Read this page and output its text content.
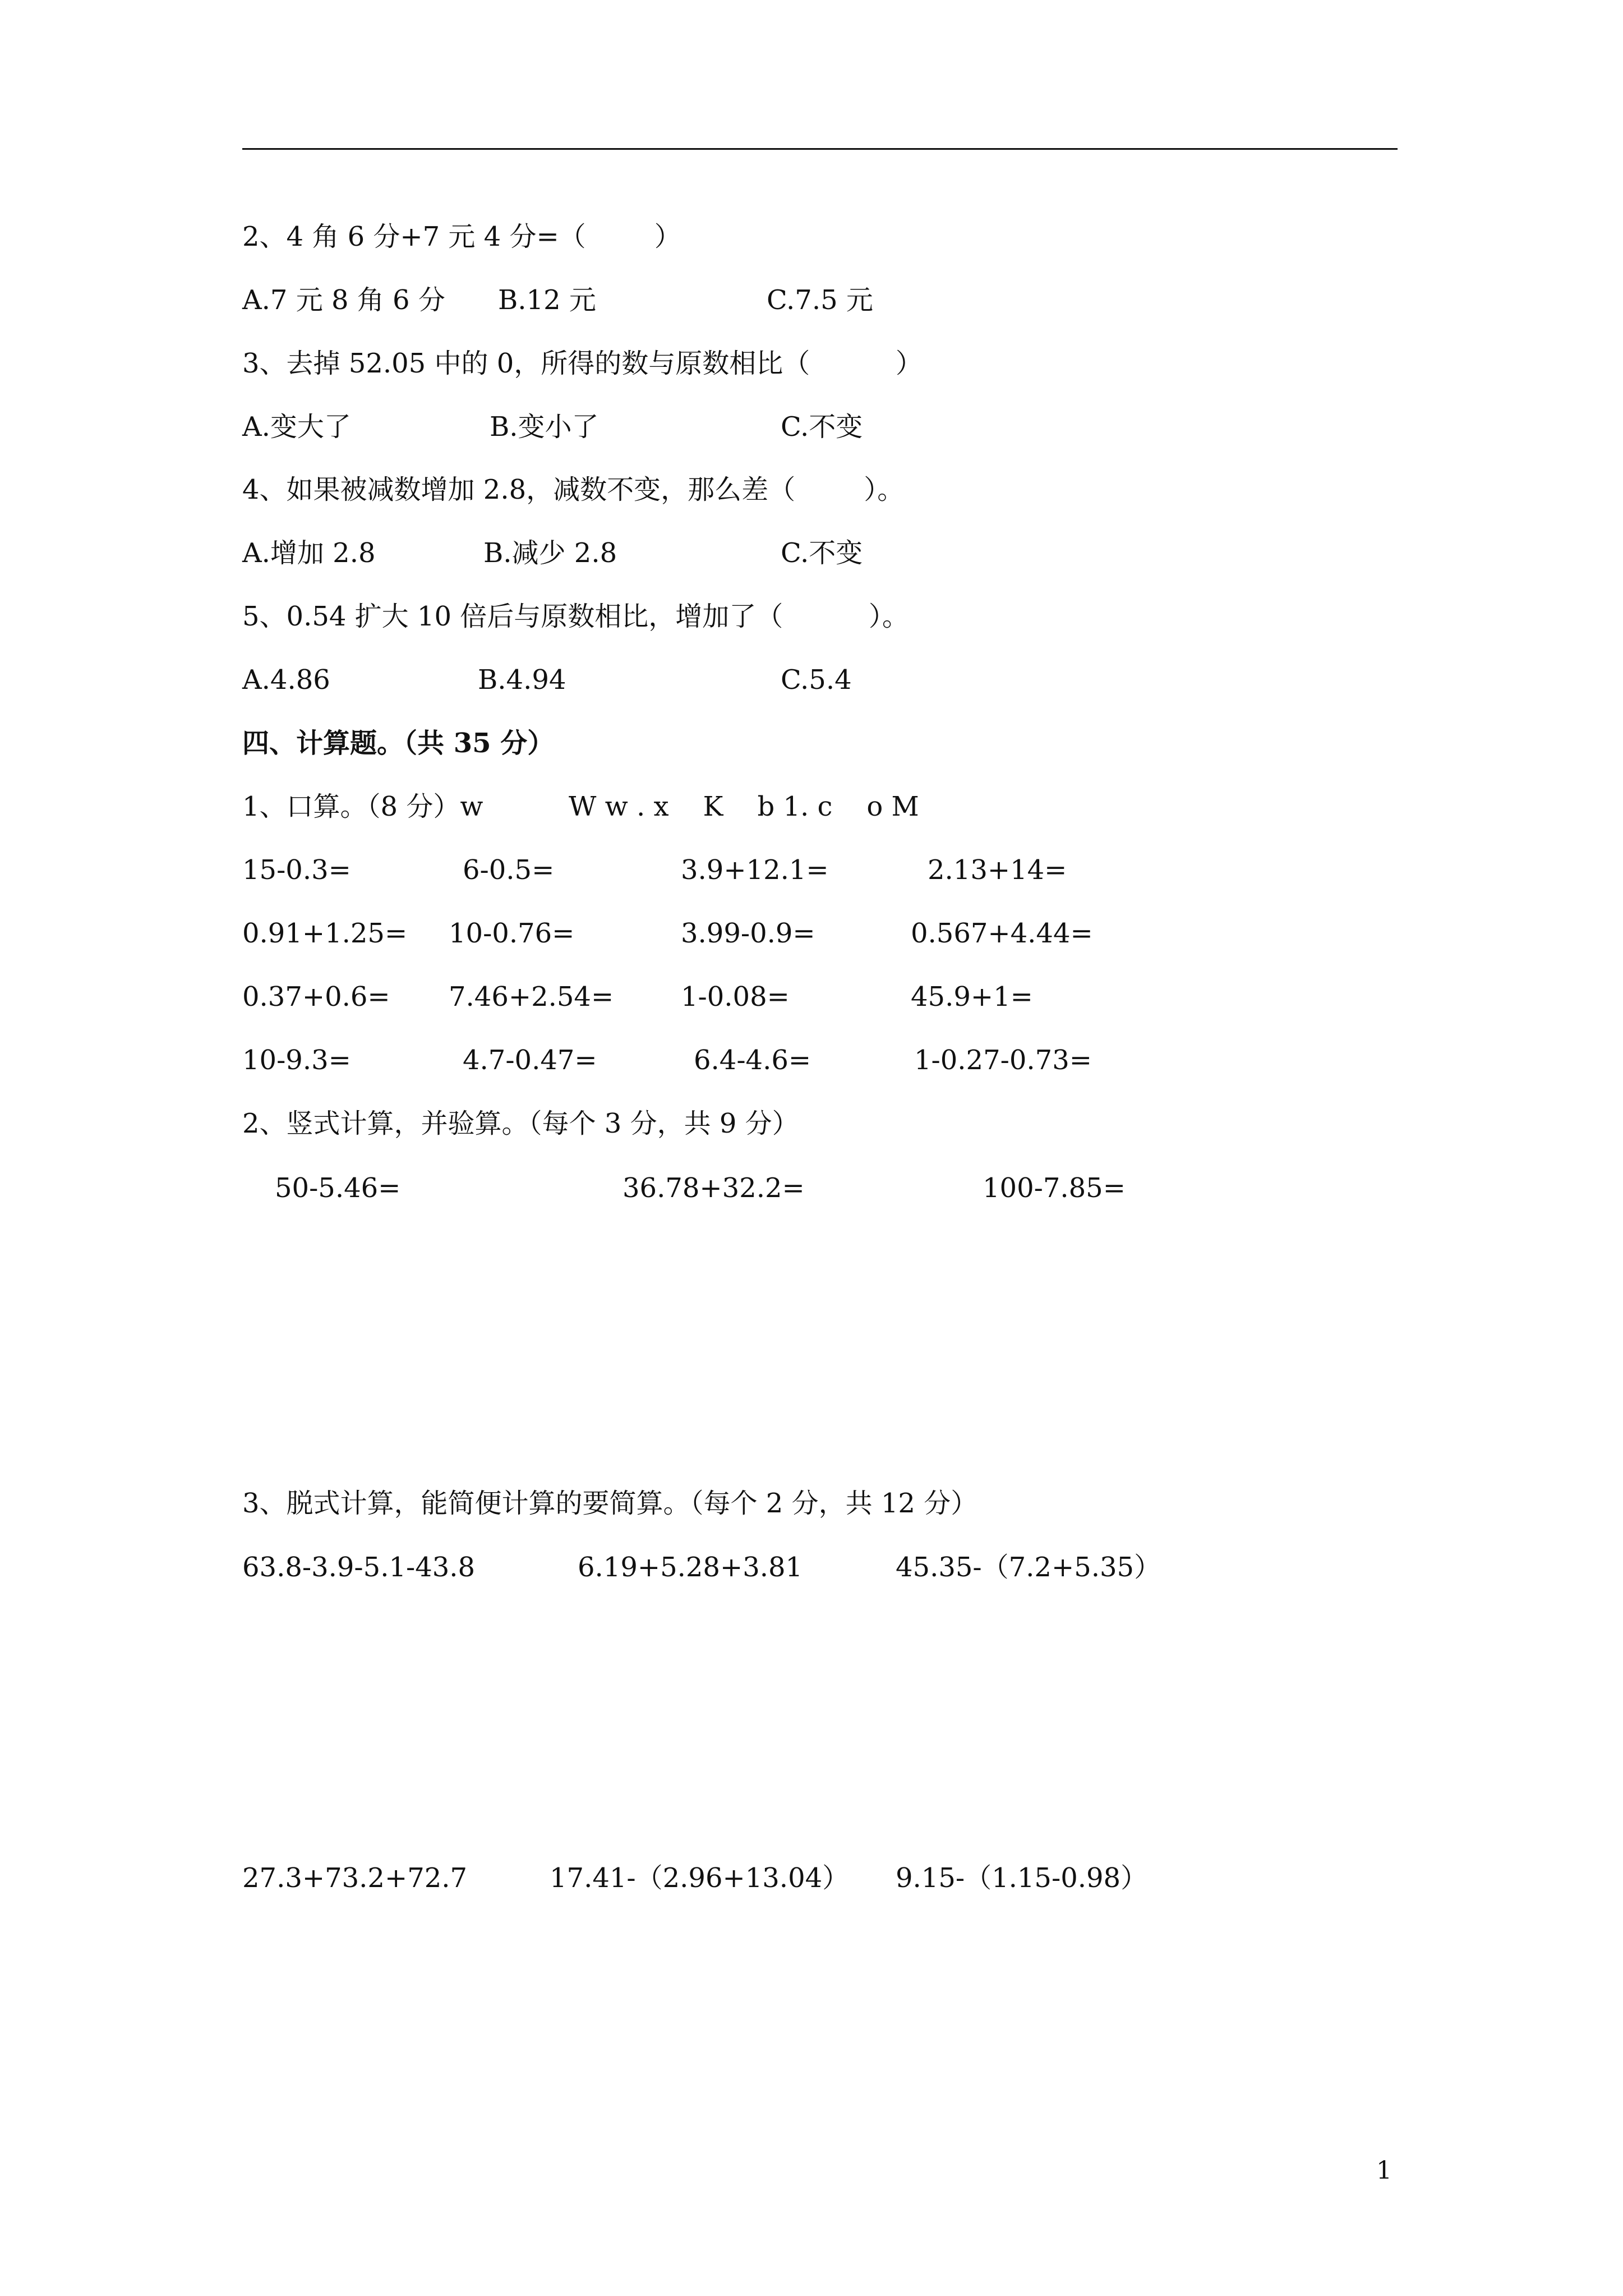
2、4 角 6 分+7 元 4 分=（        ）
A.7 元 8 角 6 分 B.12 元	C.7.5 元
3、去掉 52.05 中的 0，所得的数与原数相比（          ）
A.变大了	B.变小了	C.不变
4、如果被减数增加 2.8，减数不变，那么差（        ）。
A.增加 2.8	B.减少 2.8	C.不变
5、0.54 扩大 10 倍后与原数相比，增加了（          ）。
A.4.86	B.4.94	C.5.4
四、计算题。（共 35 分）
1、口算。（8 分）w          W w . x    K    b 1. c    o M
15-0.3=	6-0.5=	3.9+12.1=	2.13+14=
0.91+1.25= 10-0.76=	3.99-0.9=	0.567+4.44=
0.37+0.6= 7.46+2.54= 1-0.08=	45.9+1=
10-9.3=	4.7-0.47=	6.4-4.6=	1-0.27-0.73=
2、竖式计算，并验算。（每个 3 分，共 9 分）
50-5.46=	36.78+32.2=	100-7.85=
3、脱式计算，能简便计算的要简算。（每个 2 分，共 12 分）
63.8-3.9-5.1-43.8	6.19+5.28+3.81	45.35-（7.2+5.35）
27.3+73.2+72.7	17.41-（2.96+13.04） 9.15-（1.15-0.98）
1
